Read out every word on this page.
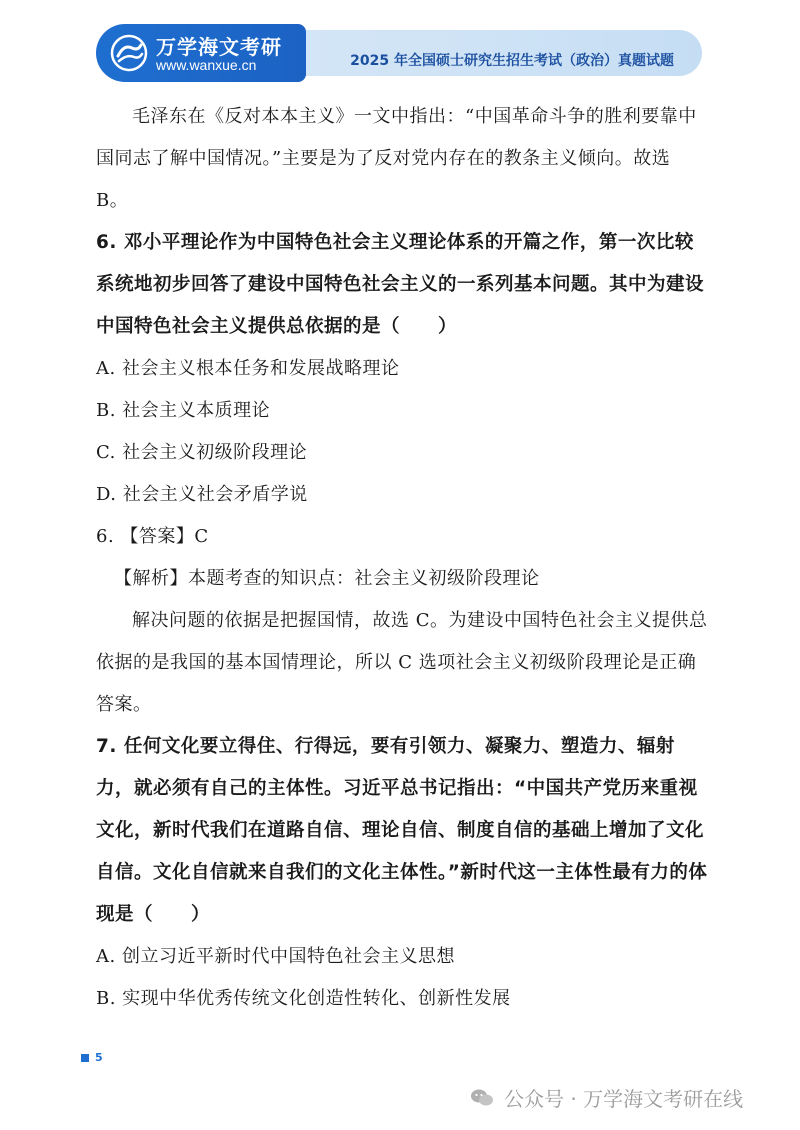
2025 年全国硕士研究生招生考试（政治）真题试题
万学海文考研
www.wanxue.cn

毛泽东在《反对本本主义》一文中指出：“中国革命斗争的胜利要靠中国同志了解中国情况。”主要是为了反对党内存在的教条主义倾向。故选 B。

6. 邓小平理论作为中国特色社会主义理论体系的开篇之作，第一次比较系统地初步回答了建设中国特色社会主义的一系列基本问题。其中为建设中国特色社会主义提供总依据的是（　　）

A. 社会主义根本任务和发展战略理论

B. 社会主义本质理论

C. 社会主义初级阶段理论

D. 社会主义社会矛盾学说

6. 【答案】C

【解析】本题考查的知识点：社会主义初级阶段理论

解决问题的依据是把握国情，故选 C。为建设中国特色社会主义提供总依据的是我国的基本国情理论，所以 C 选项社会主义初级阶段理论是正确答案。

7. 任何文化要立得住、行得远，要有引领力、凝聚力、塑造力、辐射力，就必须有自己的主体性。习近平总书记指出：“中国共产党历来重视文化，新时代我们在道路自信、理论自信、制度自信的基础上增加了文化自信。文化自信就来自我们的文化主体性。”新时代这一主体性最有力的体现是（　　）

A. 创立习近平新时代中国特色社会主义思想

B. 实现中华优秀传统文化创造性转化、创新性发展

5
公众号 · 万学海文考研在线
